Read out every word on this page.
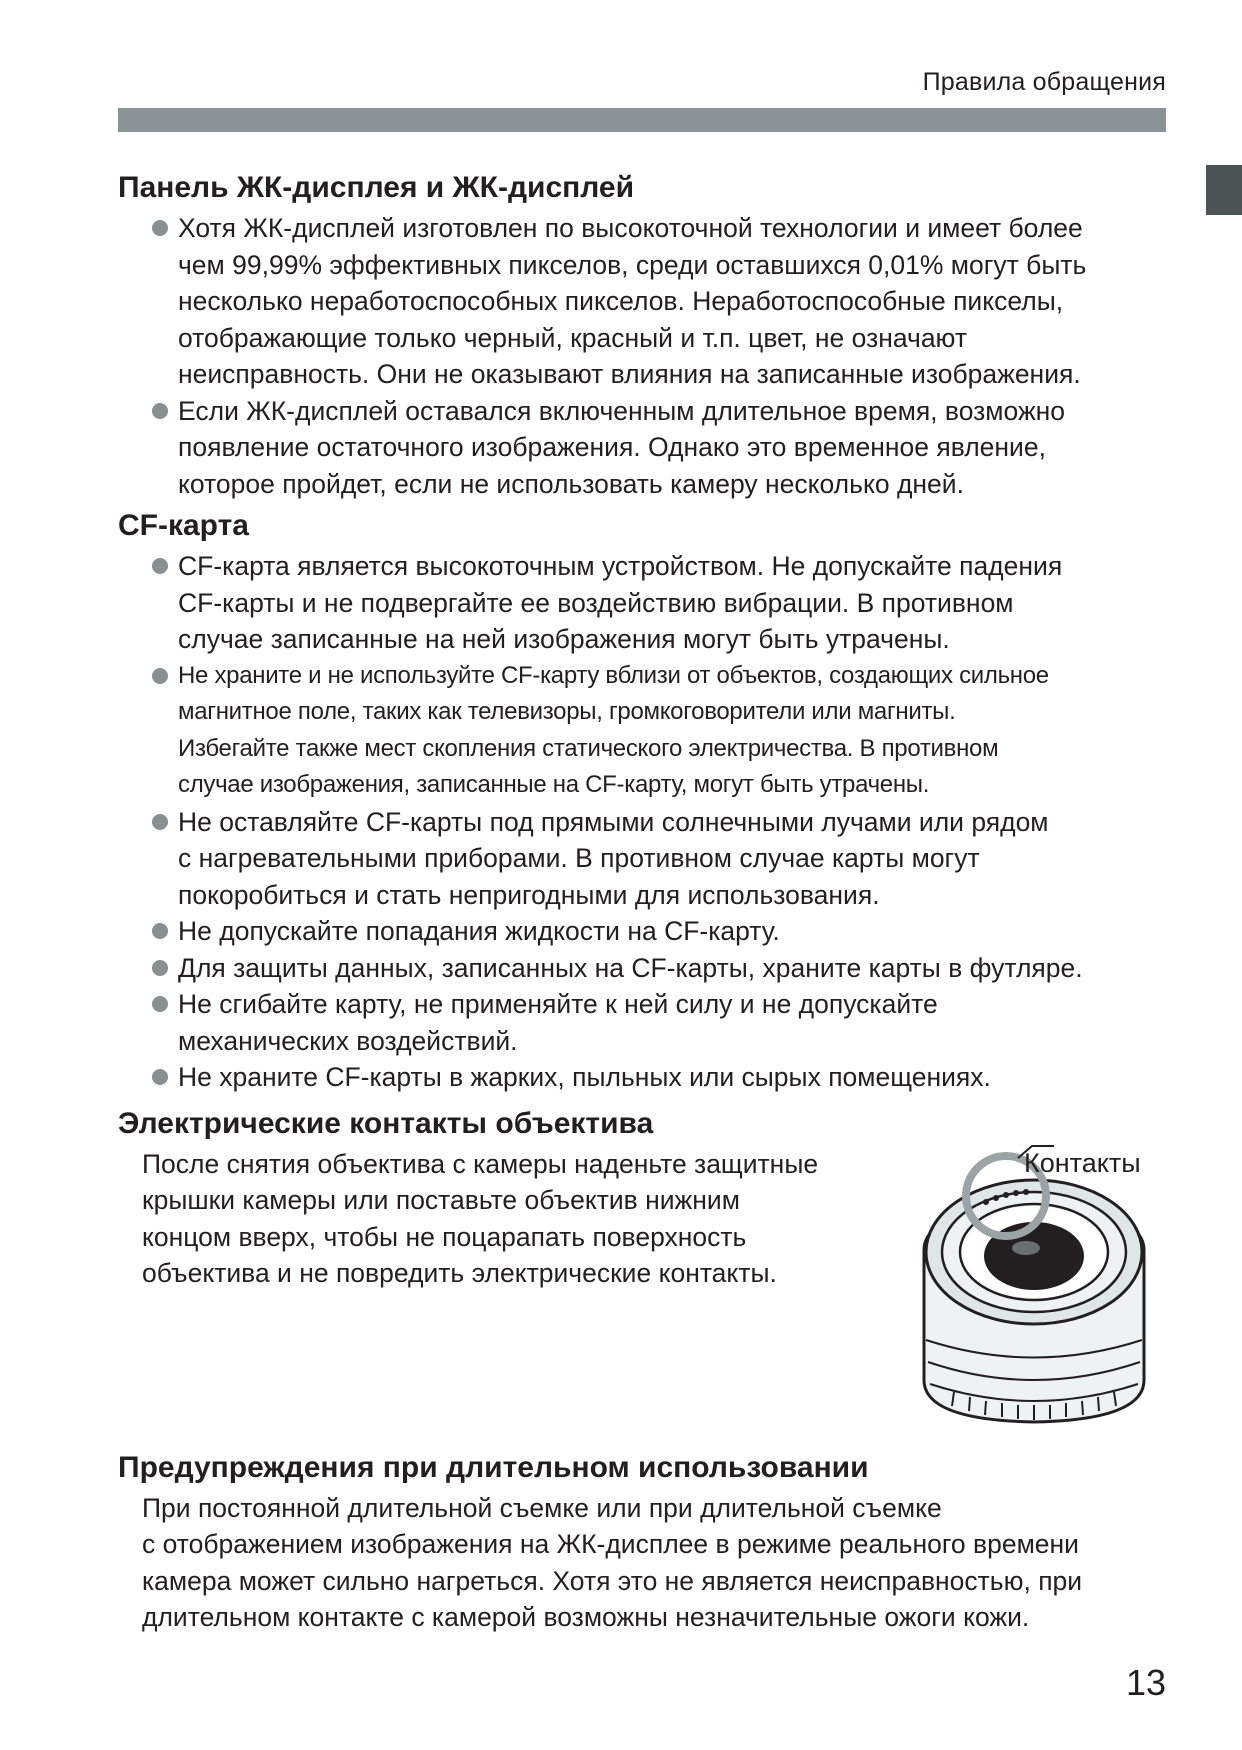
Правила обращения
Панель ЖК-дисплея и ЖК-дисплей
Хотя ЖК-дисплей изготовлен по высокоточной технологии и имеет более
чем 99,99% эффективных пикселов, среди оставшихся 0,01% могут быть
несколько неработоспособных пикселов. Неработоспособные пикселы,
отображающие только черный, красный и т.п. цвет, не означают
неисправность. Они не оказывают влияния на записанные изображения.
Если ЖК-дисплей оставался включенным длительное время, возможно
появление остаточного изображения. Однако это временное явление,
которое пройдет, если не использовать камеру несколько дней.
CF-карта
CF-карта является высокоточным устройством. Не допускайте падения
CF-карты и не подвергайте ее воздействию вибрации. В противном
случае записанные на ней изображения могут быть утрачены.
Не храните и не используйте CF-карту вблизи от объектов, создающих сильное
магнитное поле, таких как телевизоры, громкоговорители или магниты.
Избегайте также мест скопления статического электричества. В противном
случае изображения, записанные на CF-карту, могут быть утрачены.
Не оставляйте CF-карты под прямыми солнечными лучами или рядом
с нагревательными приборами. В противном случае карты могут
покоробиться и стать непригодными для использования.
Не допускайте попадания жидкости на CF-карту.
Для защиты данных, записанных на CF-карты, храните карты в футляре.
Не сгибайте карту, не применяйте к ней силу и не допускайте
механических воздействий.
Не храните CF-карты в жарких, пыльных или сырых помещениях.
Электрические контакты объектива
После снятия объектива с камеры наденьте защитные
крышки камеры или поставьте объектив нижним
концом вверх, чтобы не поцарапать поверхность
объектива и не повредить электрические контакты.
Контакты
Предупреждения при длительном использовании
При постоянной длительной съемке или при длительной съемке
с отображением изображения на ЖК-дисплее в режиме реального времени
камера может сильно нагреться. Хотя это не является неисправностью, при
длительном контакте с камерой возможны незначительные ожоги кожи.
13
